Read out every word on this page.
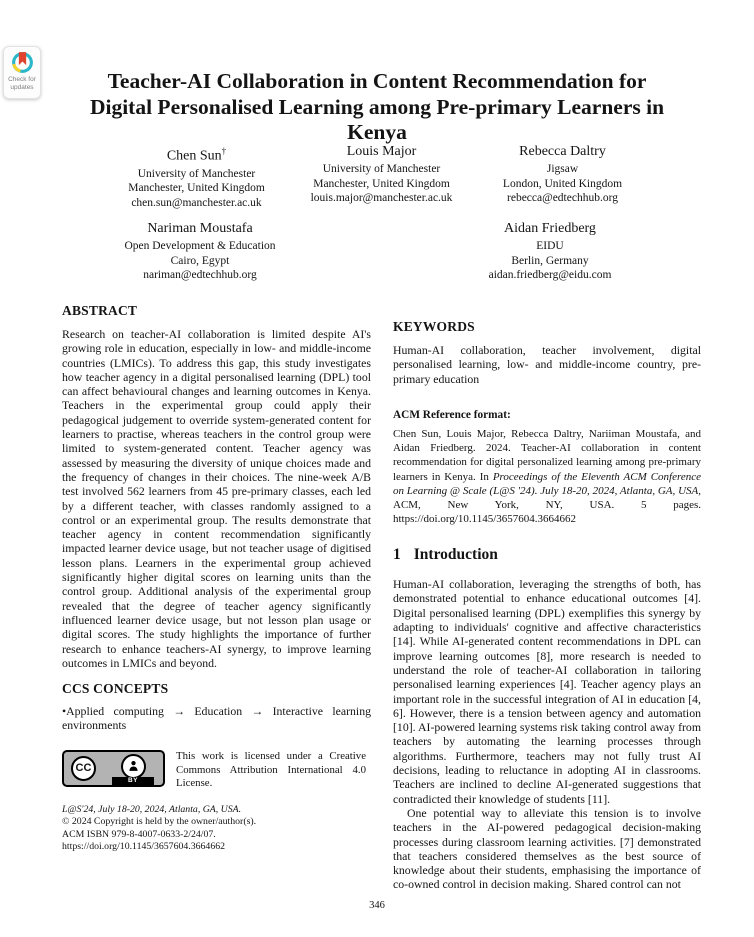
Check for
updates	Teacher-AI Collaboration in Content Recommendation for Digital Personalised Learning among Pre-primary Learners in Kenya
Chen Sun†
University of Manchester
Manchester, United Kingdom
chen.sun@manchester.ac.uk
Louis Major
University of Manchester
Manchester, United Kingdom
louis.major@manchester.ac.uk
Rebecca Daltry
Jigsaw
London, United Kingdom
rebecca@edtechhub.org
Nariman Moustafa
Open Development & Education
Cairo, Egypt
nariman@edtechhub.org
Aidan Friedberg
EIDU
Berlin, Germany
aidan.friedberg@eidu.com
ABSTRACT

Research on teacher-AI collaboration is limited despite AI's growing role in education, especially in low- and middle-income countries (LMICs). To address this gap, this study investigates how teacher agency in a digital personalised learning (DPL) tool can affect behavioural changes and learning outcomes in Kenya. Teachers in the experimental group could apply their pedagogical judgement to override system-generated content for learners to practise, whereas teachers in the control group were limited to system-generated content. Teacher agency was assessed by measuring the diversity of unique choices made and the frequency of changes in their choices. The nine-week A/B test involved 562 learners from 45 pre-primary classes, each led by a different teacher, with classes randomly assigned to a control or an experimental group. The results demonstrate that teacher agency in content recommendation significantly impacted learner device usage, but not teacher usage of digitised lesson plans. Learners in the experimental group achieved significantly higher digital scores on learning units than the control group. Additional analysis of the experimental group revealed that the degree of teacher agency significantly influenced learner device usage, but not lesson plan usage or digital scores. The study highlights the importance of further research to enhance teachers-AI synergy, to improve learning outcomes in LMICs and beyond.

CCS CONCEPTS

•Applied computing → Education → Interactive learning environments

CC
BY

This work is licensed under a Creative Commons Attribution International 4.0 License.

L@S'24, July 18-20, 2024, Atlanta, GA, USA.
© 2024 Copyright is held by the owner/author(s).
ACM ISBN 979-8-4007-0633-2/24/07.
https://doi.org/10.1145/3657604.3664662
KEYWORDS

Human-AI collaboration, teacher involvement, digital personalised learning, low- and middle-income country, pre-primary education

ACM Reference format:

Chen Sun, Louis Major, Rebecca Daltry, Nariiman Moustafa, and Aidan Friedberg. 2024. Teacher-AI collaboration in content recommendation for digital personalized learning among pre-primary learners in Kenya. In Proceedings of the Eleventh ACM Conference on Learning @ Scale (L@S '24). July 18-20, 2024, Atlanta, GA, USA, ACM, New York, NY, USA. 5 pages. https://doi.org/10.1145/3657604.3664662

1 Introduction

Human-AI collaboration, leveraging the strengths of both, has demonstrated potential to enhance educational outcomes [4]. Digital personalised learning (DPL) exemplifies this synergy by adapting to individuals' cognitive and affective characteristics [14]. While AI-generated content recommendations in DPL can improve learning outcomes [8], more research is needed to understand the role of teacher-AI collaboration in tailoring personalised learning experiences [4]. Teacher agency plays an important role in the successful integration of AI in education [4, 6]. However, there is a tension between agency and automation [10]. AI-powered learning systems risk taking control away from teachers by automating the learning processes through algorithms. Furthermore, teachers may not fully trust AI decisions, leading to reluctance in adopting AI in classrooms. Teachers are inclined to decline AI-generated suggestions that contradicted their knowledge of students [11].

One potential way to alleviate this tension is to involve teachers in the AI-powered pedagogical decision-making processes during classroom learning activities. [7] demonstrated that teachers considered themselves as the best source of knowledge about their students, emphasising the importance of co-owned control in decision making. Shared control can not

346
